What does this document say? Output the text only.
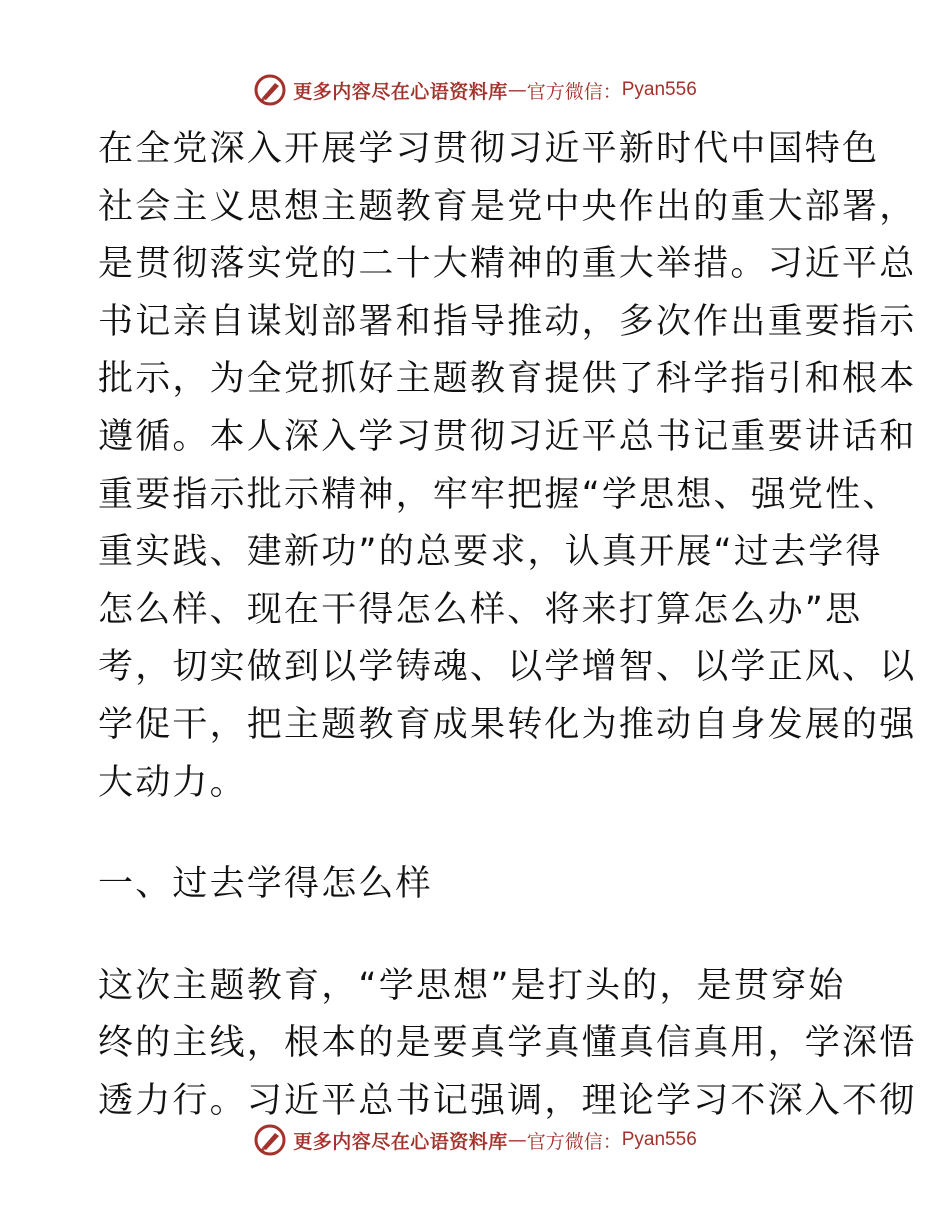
更多内容尽在心语资料库 — 官方微信： Pyan556
在全党深入开展学习贯彻习近平新时代中国特色
社会主义思想主题教育是党中央作出的重大部署，
是贯彻落实党的二十大精神的重大举措。习近平总
书记亲自谋划部署和指导推动，多次作出重要指示
批示，为全党抓好主题教育提供了科学指引和根本
遵循。本人深入学习贯彻习近平总书记重要讲话和
重要指示批示精神，牢牢把握“学思想、强党性、
重实践、建新功”的总要求，认真开展“过去学得
怎么样、现在干得怎么样、将来打算怎么办”思
考，切实做到以学铸魂、以学增智、以学正风、以
学促干，把主题教育成果转化为推动自身发展的强
大动力。
一、过去学得怎么样
这次主题教育，“学思想”是打头的，是贯穿始
终的主线，根本的是要真学真懂真信真用，学深悟
透力行。习近平总书记强调，理论学习不深入不彻
更多内容尽在心语资料库 — 官方微信： Pyan556
